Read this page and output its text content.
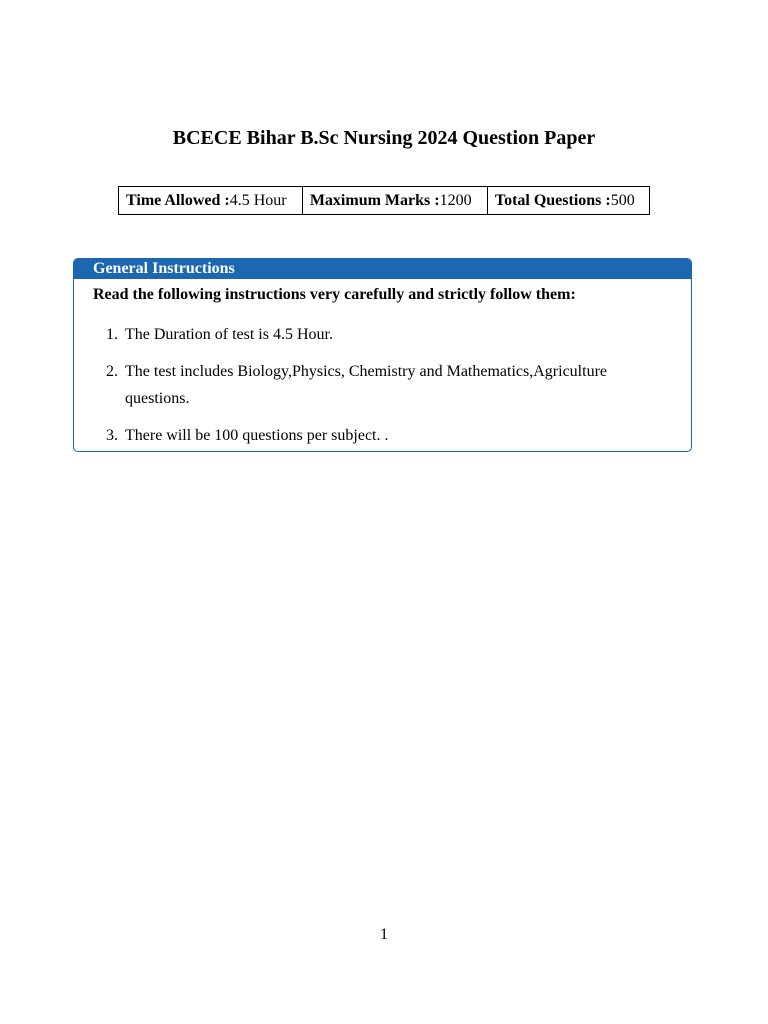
BCECE Bihar B.Sc Nursing 2024 Question Paper
Time Allowed :4.5 Hour	Maximum Marks :1200	Total Questions :500
General Instructions
Read the following instructions very carefully and strictly follow them:
1. The Duration of test is 4.5 Hour.
2. The test includes Biology,Physics, Chemistry and Mathematics,Agriculture questions.
3. There will be 100 questions per subject. .
1
